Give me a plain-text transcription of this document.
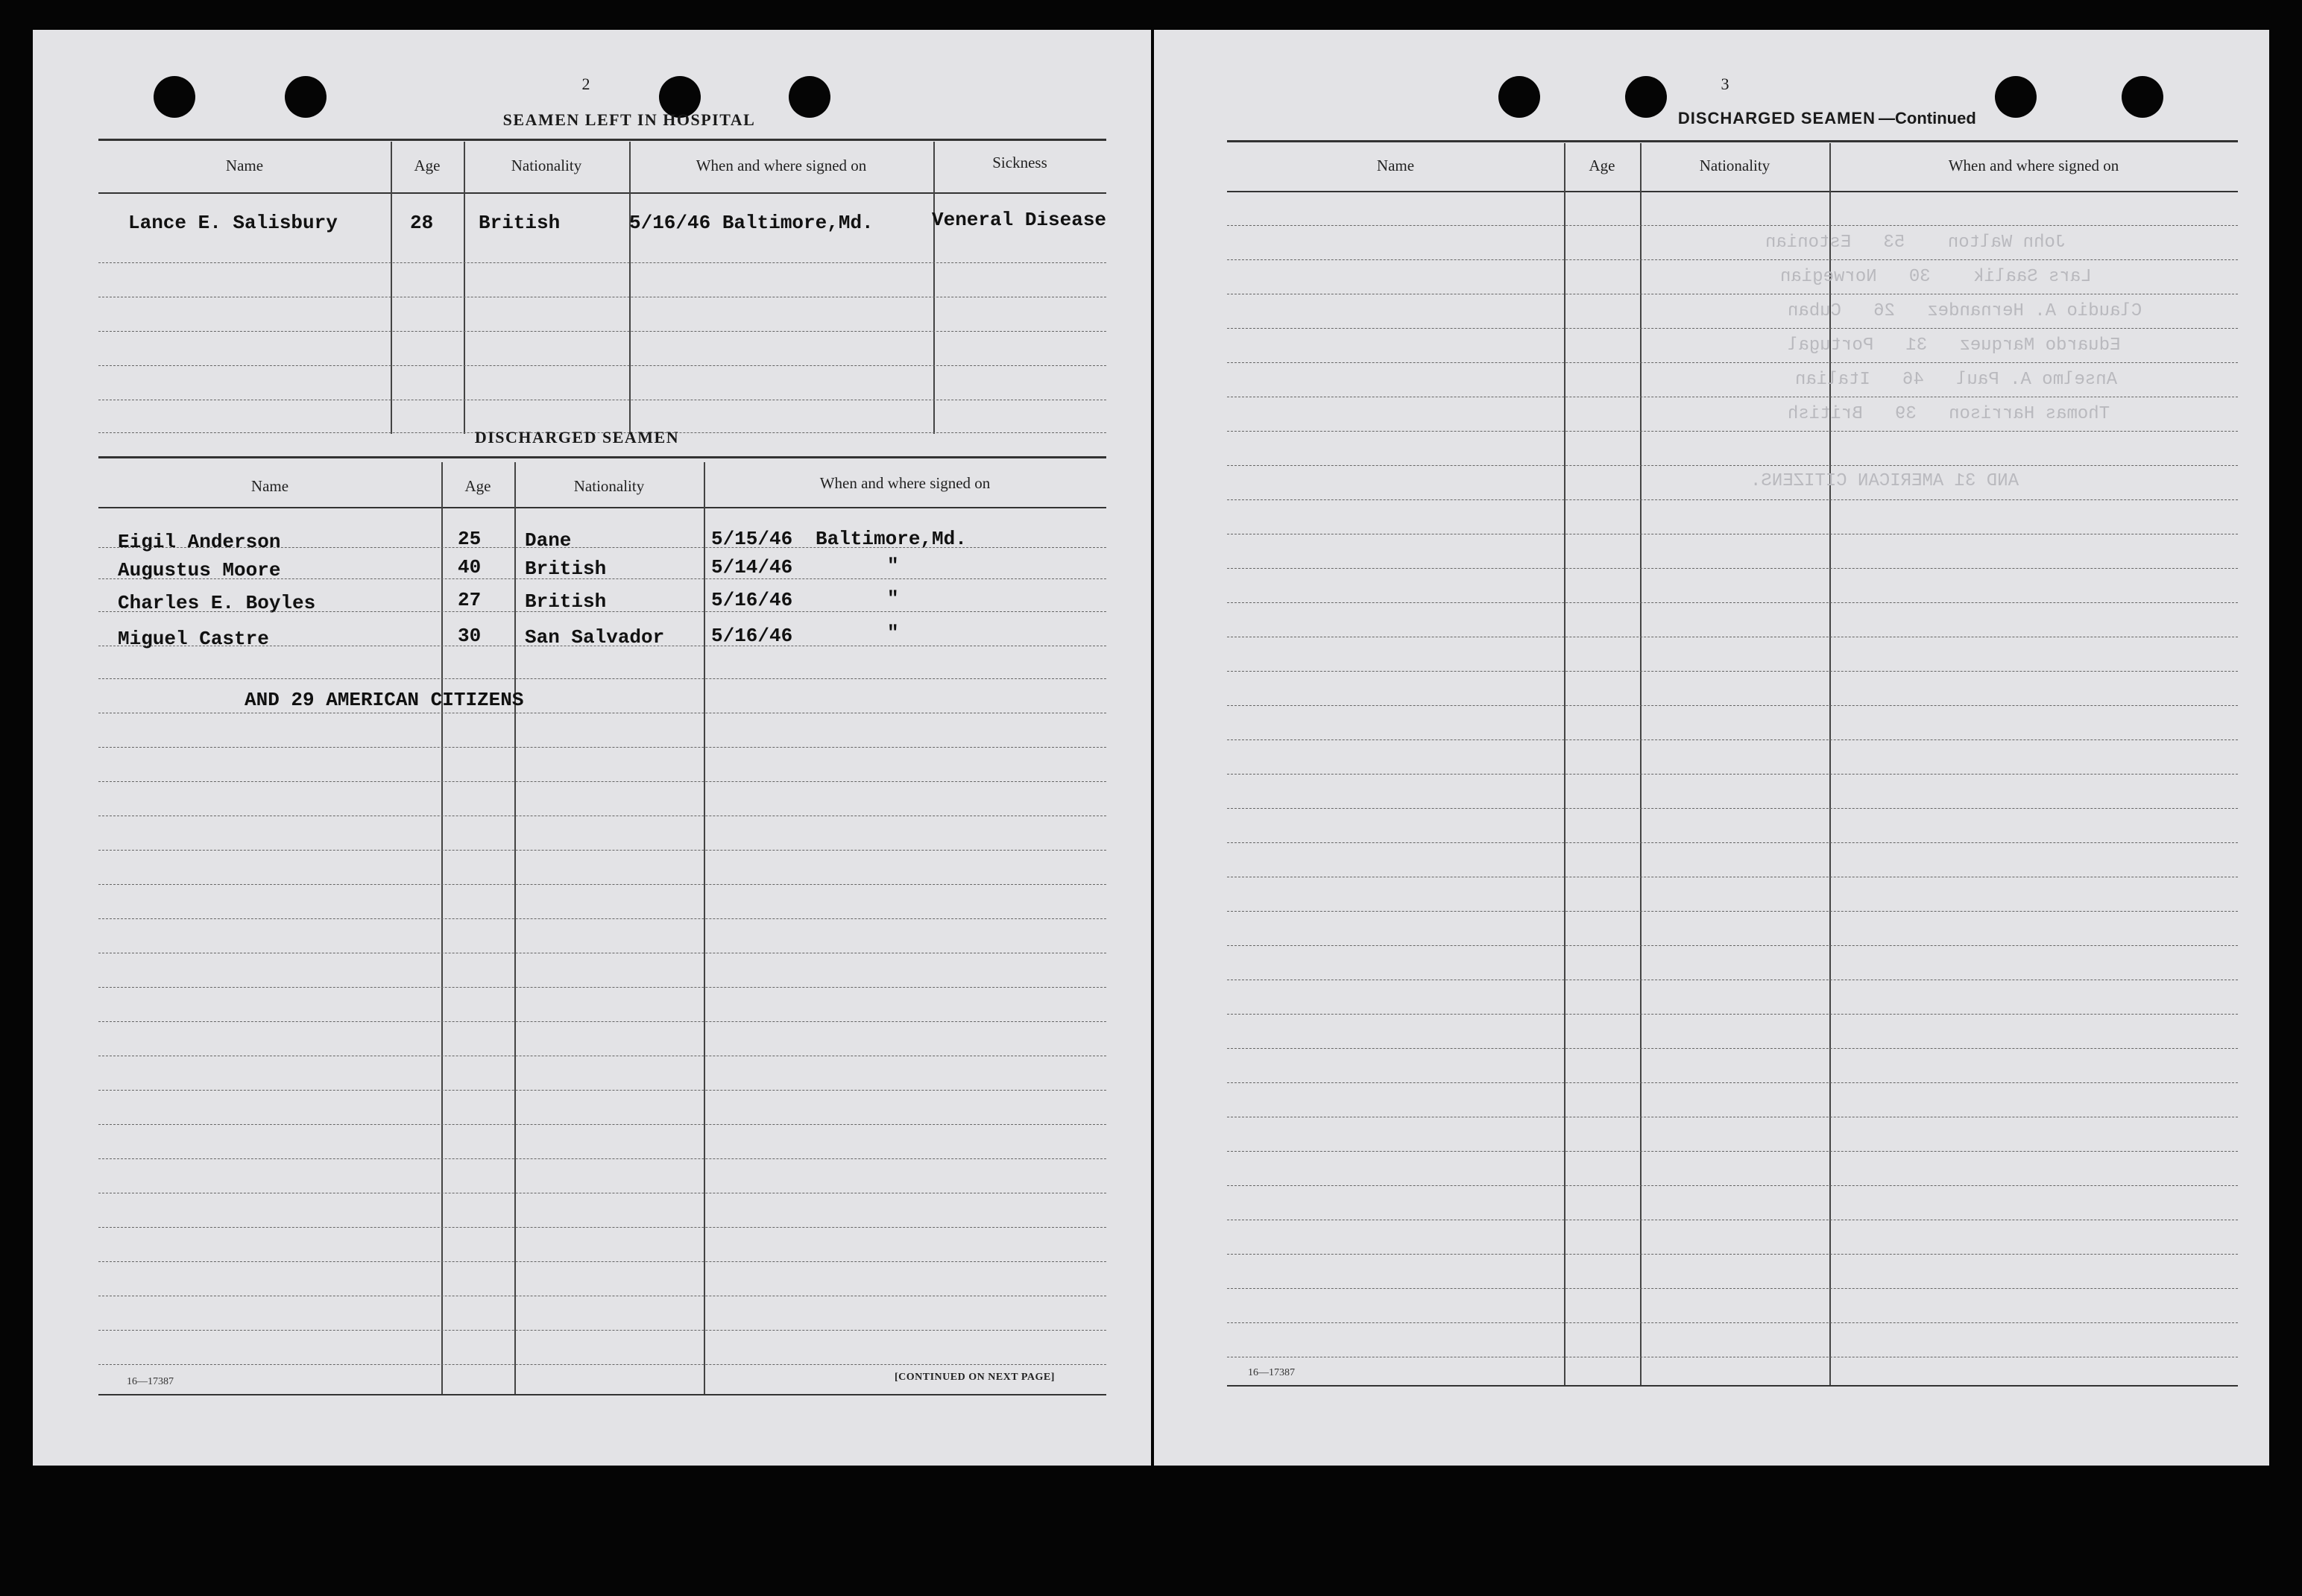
2
SEAMEN LEFT IN HOSPITAL
Name	Age	Nationality	When and where signed on	Sickness
Lance E. Salisbury	28 British	5/16/46 Baltimore,Md.	Veneral Disease
DISCHARGED SEAMEN
Name	Age	Nationality	When and where signed on
Eigil Anderson	25 Dane	5/15/46 Baltimore,Md.
Augustus Moore	40 British	5/14/46	"
Charles E. Boyles	27 British	5/16/46	"
Miguel Castre	30 San Salvador 5/16/46	"
AND 29 AMERICAN CITIZENS
16—17387	[CONTINUED ON NEXT PAGE]
3
DISCHARGED SEAMEN —Continued
Name	Age	Nationality	When and where signed on
John Walton    53   Estonian
Lars Saalik    30   Norwegian
Claudio A. Hernandez   26   Cuban
Eduardo Marquez   31   Portugal
Anselmo A. Paul   46   Italian
Thomas Harrison   39   British
AND 31 AMERICAN CITIZENS.
16—17387
